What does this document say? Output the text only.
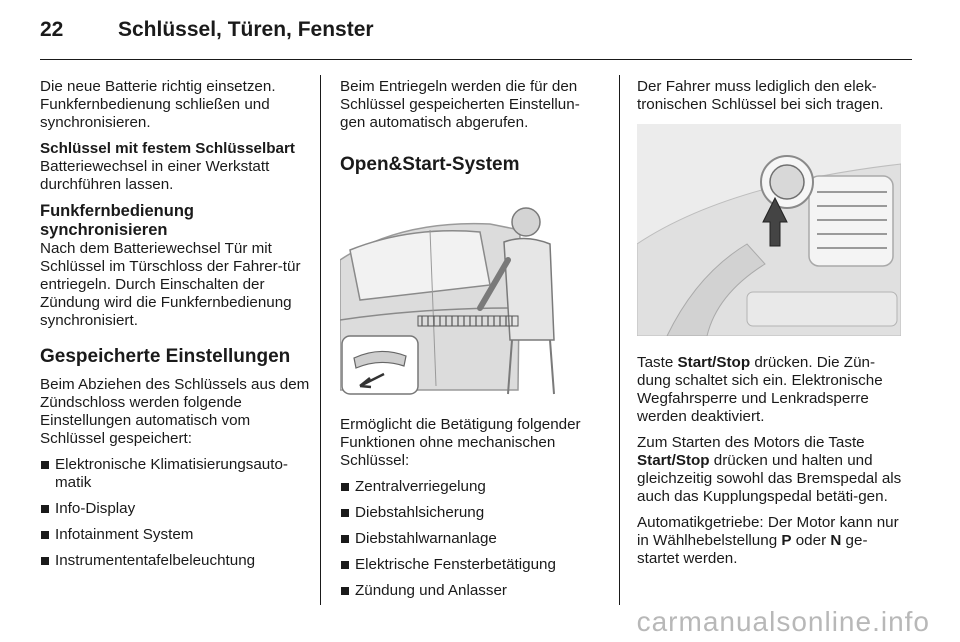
22	Schlüssel, Türen, Fenster

Die neue Batterie richtig einsetzen. Funkfernbedienung schließen und synchronisieren.

Schlüssel mit festem Schlüsselbart

Batteriewechsel in einer Werkstatt durchführen lassen.

Funkfernbedienung synchronisieren

Nach dem Batteriewechsel Tür mit Schlüssel im Türschloss der Fahrer-tür entriegeln. Durch Einschalten der Zündung wird die Funkfernbedienung synchronisiert.

Gespeicherte Einstellungen

Beim Abziehen des Schlüssels aus dem Zündschloss werden folgende Einstellungen automatisch vom Schlüssel gespeichert:

Elektronische Klimatisierungsauto-matik
Info-Display
Infotainment System
Instrumententafelbeleuchtung

Beim Entriegeln werden die für den Schlüssel gespeicherten Einstellun-gen automatisch abgerufen.

Open&Start-System

Ermöglicht die Betätigung folgender Funktionen ohne mechanischen Schlüssel:

Zentralverriegelung
Diebstahlsicherung
Diebstahlwarnanlage
Elektrische Fensterbetätigung
Zündung und Anlasser

Der Fahrer muss lediglich den elek-tronischen Schlüssel bei sich tragen.

Taste Start/Stop drücken. Die Zün-dung schaltet sich ein. Elektronische Wegfahrsperre und Lenkradsperre werden deaktiviert.

Zum Starten des Motors die Taste Start/Stop drücken und halten und gleichzeitig sowohl das Bremspedal als auch das Kupplungspedal betäti-gen.

Automatikgetriebe: Der Motor kann nur in Wählhebelstellung P oder N ge-startet werden.

carmanualsonline.info
